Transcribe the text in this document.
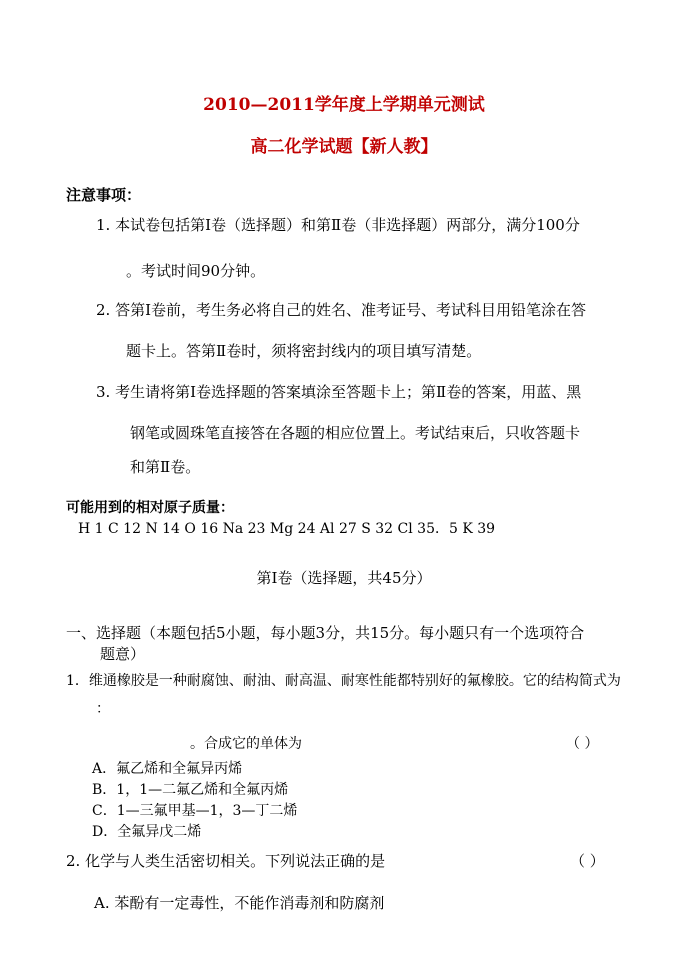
2010—2011学年度上学期单元测试
高二化学试题【新人教】
注意事项：
1. 本试卷包括第Ⅰ卷（选择题）和第Ⅱ卷（非选择题）两部分，满分100分
。考试时间90分钟。
2. 答第Ⅰ卷前，考生务必将自己的姓名、准考证号、考试科目用铅笔涂在答
题卡上。答第Ⅱ卷时，须将密封线内的项目填写清楚。
3. 考生请将第Ⅰ卷选择题的答案填涂至答题卡上；第Ⅱ卷的答案，用蓝、黑
钢笔或圆珠笔直接答在各题的相应位置上。考试结束后，只收答题卡
和第Ⅱ卷。
可能用到的相对原子质量：
H 1 C 12 N 14 O 16 Na 23 Mg 24 Al 27 S 32 Cl 35．5 K 39
第Ⅰ卷（选择题，共45分）
一、选择题（本题包括5小题，每小题3分，共15分。每小题只有一个选项符合
题意）
1．维通橡胶是一种耐腐蚀、耐油、耐高温、耐寒性能都特别好的氟橡胶。它的结构简式为
：
。合成它的单体为	（ ）
A．氟乙烯和全氟异丙烯
B．1，1—二氟乙烯和全氟丙烯
C．1—三氟甲基—1，3—丁二烯
D．全氟异戊二烯
2. 化学与人类生活密切相关。下列说法正确的是	（ ）
A. 苯酚有一定毒性，不能作消毒剂和防腐剂
